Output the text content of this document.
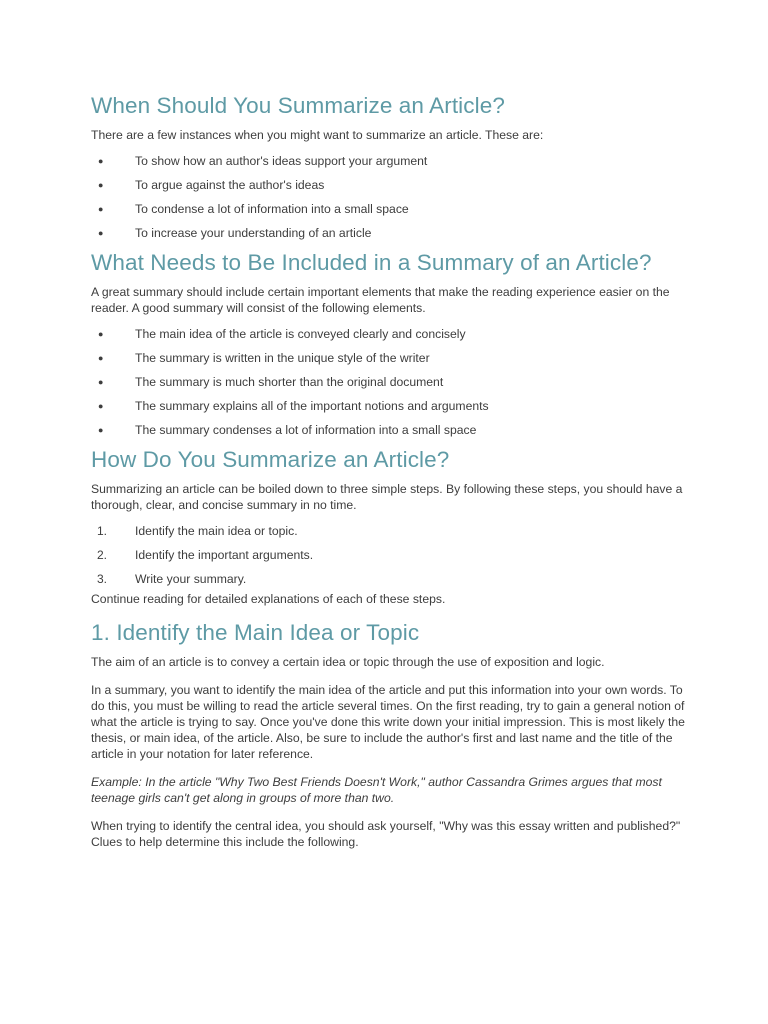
When Should You Summarize an Article?

There are a few instances when you might want to summarize an article. These are:

●	To show how an author's ideas support your argument
●	To argue against the author's ideas
●	To condense a lot of information into a small space
●	To increase your understanding of an article
What Needs to Be Included in a Summary of an Article?

A great summary should include certain important elements that make the reading experience easier on the reader. A good summary will consist of the following elements.

●	The main idea of the article is conveyed clearly and concisely
●	The summary is written in the unique style of the writer
●	The summary is much shorter than the original document
●	The summary explains all of the important notions and arguments
●	The summary condenses a lot of information into a small space
How Do You Summarize an Article?

Summarizing an article can be boiled down to three simple steps. By following these steps, you should have a thorough, clear, and concise summary in no time.

1.	Identify the main idea or topic.
2.	Identify the important arguments.
3.	Write your summary.

Continue reading for detailed explanations of each of these steps.

1. Identify the Main Idea or Topic

The aim of an article is to convey a certain idea or topic through the use of exposition and logic.

In a summary, you want to identify the main idea of the article and put this information into your own words. To do this, you must be willing to read the article several times. On the first reading, try to gain a general notion of what the article is trying to say. Once you've done this write down your initial impression. This is most likely the thesis, or main idea, of the article. Also, be sure to include the author's first and last name and the title of the article in your notation for later reference.

Example: In the article "Why Two Best Friends Doesn't Work," author Cassandra Grimes argues that most teenage girls can't get along in groups of more than two.

When trying to identify the central idea, you should ask yourself, "Why was this essay written and published?" Clues to help determine this include the following.
